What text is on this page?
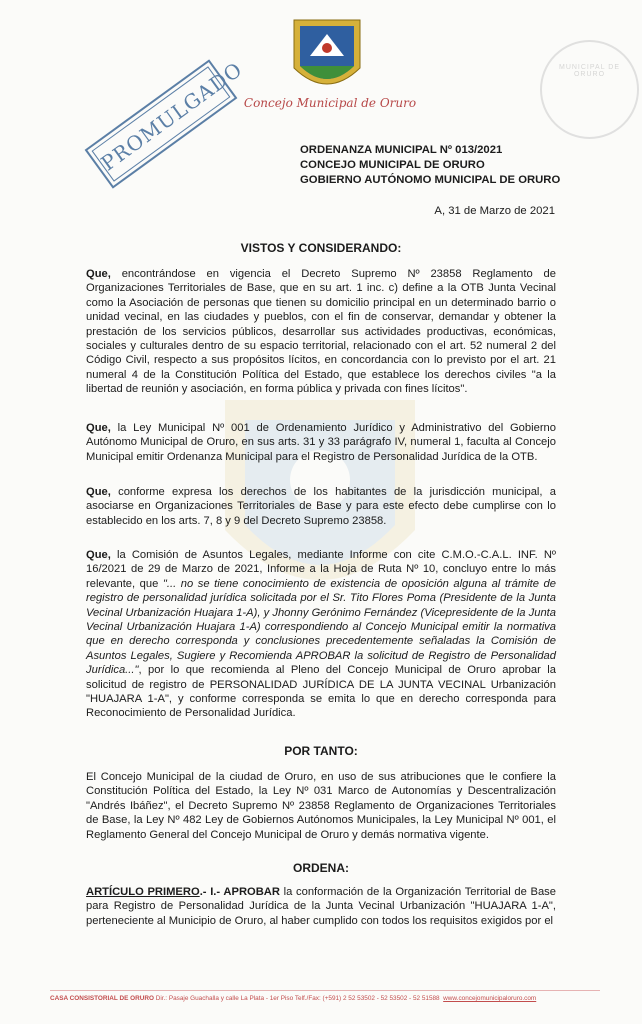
MUNICIPAL DE ORURO
Concejo Municipal de Oruro
PROMULGADO	ORDENANZA MUNICIPAL Nº 013/2021
CONCEJO MUNICIPAL DE ORURO
GOBIERNO AUTÓNOMO MUNICIPAL DE ORURO
A, 31 de Marzo de 2021
VISTOS Y CONSIDERANDO:
Que, encontrándose en vigencia el Decreto Supremo Nº 23858 Reglamento de Organizaciones Territoriales de Base, que en su art. 1 inc. c) define a la OTB Junta Vecinal como la Asociación de personas que tienen su domicilio principal en un determinado barrio o unidad vecinal, en las ciudades y pueblos, con el fin de conservar, demandar y obtener la prestación de los servicios públicos, desarrollar sus actividades productivas, económicas, sociales y culturales dentro de su espacio territorial, relacionado con el art. 52 numeral 2 del Código Civil, respecto a sus propósitos lícitos, en concordancia con lo previsto por el art. 21 numeral 4 de la Constitución Política del Estado, que establece los derechos civiles "a la libertad de reunión y asociación, en forma pública y privada con fines lícitos".
Que, la Ley Municipal Nº 001 de Ordenamiento Jurídico y Administrativo del Gobierno Autónomo Municipal de Oruro, en sus arts. 31 y 33 parágrafo IV, numeral 1, faculta al Concejo Municipal emitir Ordenanza Municipal para el Registro de Personalidad Jurídica de la OTB.
Que, conforme expresa los derechos de los habitantes de la jurisdicción municipal, a asociarse en Organizaciones Territoriales de Base y para este efecto debe cumplirse con lo establecido en los arts. 7, 8 y 9 del Decreto Supremo 23858.
Que, la Comisión de Asuntos Legales, mediante Informe con cite C.M.O.-C.A.L. INF. Nº 16/2021 de 29 de Marzo de 2021, Informe a la Hoja de Ruta Nº 10, concluyo entre lo más relevante, que "... no se tiene conocimiento de existencia de oposición alguna al trámite de registro de personalidad jurídica solicitada por el Sr. Tito Flores Poma (Presidente de la Junta Vecinal Urbanización Huajara 1-A), y Jhonny Gerónimo Fernández (Vicepresidente de la Junta Vecinal Urbanización Huajara 1-A) correspondiendo al Concejo Municipal emitir la normativa que en derecho corresponda y conclusiones precedentemente señaladas la Comisión de Asuntos Legales, Sugiere y Recomienda APROBAR la solicitud de Registro de Personalidad Jurídica...", por lo que recomienda al Pleno del Concejo Municipal de Oruro aprobar la solicitud de registro de PERSONALIDAD JURÍDICA DE LA JUNTA VECINAL Urbanización "HUAJARA 1-A", y conforme corresponda se emita lo que en derecho corresponda para Reconocimiento de Personalidad Jurídica.
POR TANTO:
El Concejo Municipal de la ciudad de Oruro, en uso de sus atribuciones que le confiere la Constitución Política del Estado, la Ley Nº 031 Marco de Autonomías y Descentralización "Andrés Ibáñez", el Decreto Supremo Nº 23858 Reglamento de Organizaciones Territoriales de Base, la Ley Nº 482 Ley de Gobiernos Autónomos Municipales, la Ley Municipal Nº 001, el Reglamento General del Concejo Municipal de Oruro y demás normativa vigente.
ORDENA:
ARTÍCULO PRIMERO.- I.- APROBAR la conformación de la Organización Territorial de Base para Registro de Personalidad Jurídica de la Junta Vecinal Urbanización "HUAJARA 1-A", perteneciente al Municipio de Oruro, al haber cumplido con todos los requisitos exigidos por el
CASA CONSISTORIAL DE ORURO Dir.: Pasaje Guachalla y calle La Plata - 1er Piso Telf./Fax: (+591) 2 52 53502 - 52 53502 - 52 51588 www.concejomunicipaloruro.com
